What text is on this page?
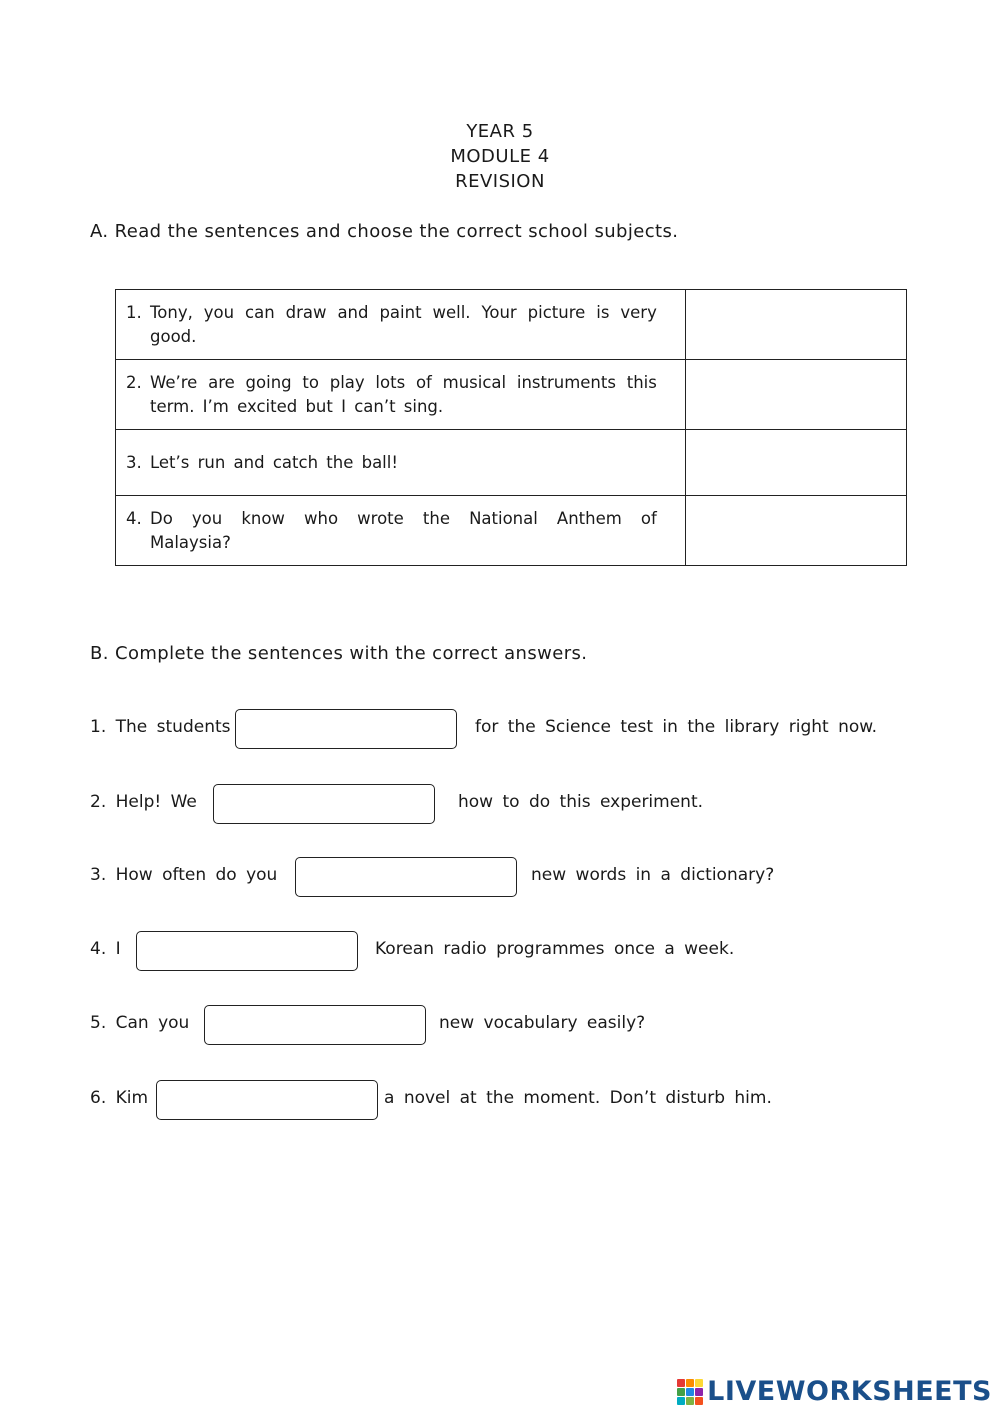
YEAR 5
MODULE 4
REVISION
A. Read the sentences and choose the correct school subjects.
1. Tony, you can draw and paint well. Your picture is very good.	

2. We’re are going to play lots of musical instruments this term. I’m excited but I can’t sing.	

3. Let’s run and catch the ball!	

4. Do you know who wrote the National Anthem of Malaysia?	

B. Complete the sentences with the correct answers.
1. The students	for the Science test in the library right now.
2. Help! We	how to do this experiment.
3. How often do you	new words in a dictionary?
4. I	Korean radio programmes once a week.
5. Can you	new vocabulary easily?
6. Kim	a novel at the moment. Don’t disturb him.
LIVEWORKSHEETS
